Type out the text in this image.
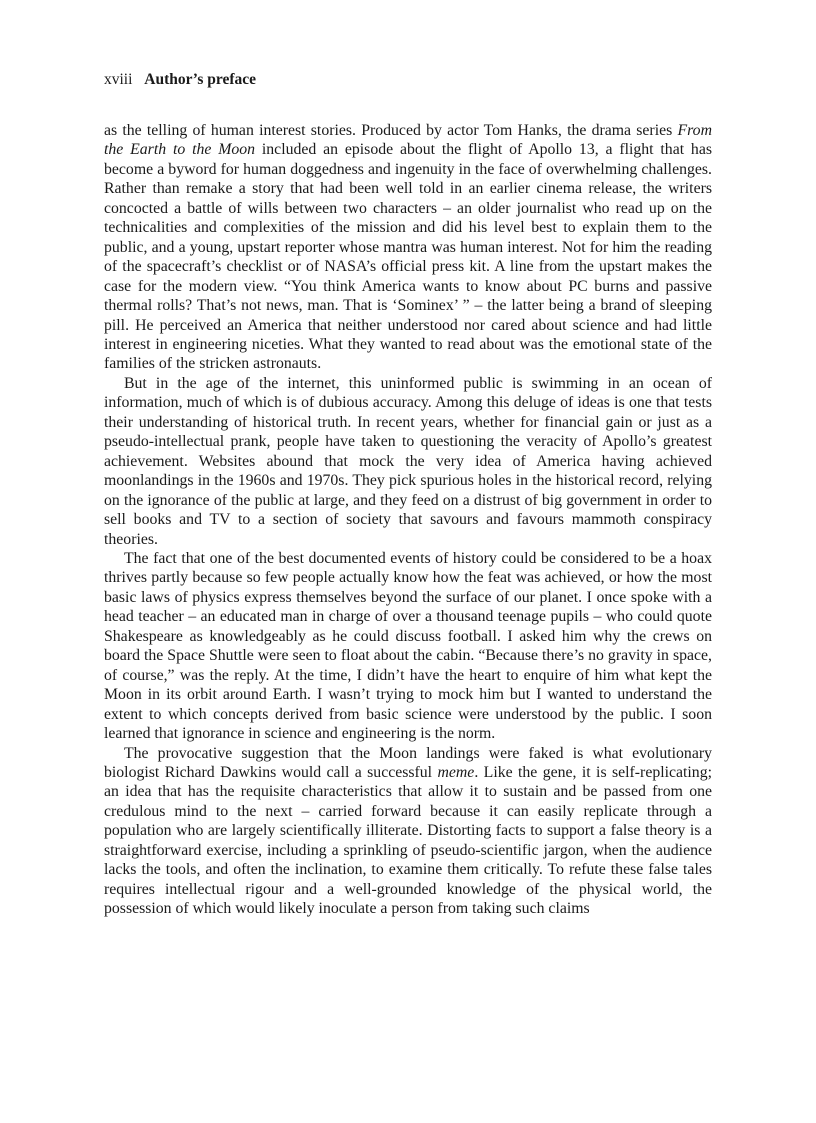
xviii Author’s preface

as the telling of human interest stories. Produced by actor Tom Hanks, the drama series From the Earth to the Moon included an episode about the flight of Apollo 13, a flight that has become a byword for human doggedness and ingenuity in the face of overwhelming challenges. Rather than remake a story that had been well told in an earlier cinema release, the writers concocted a battle of wills between two characters – an older journalist who read up on the technicalities and complexities of the mission and did his level best to explain them to the public, and a young, upstart reporter whose mantra was human interest. Not for him the reading of the spacecraft’s checklist or of NASA’s official press kit. A line from the upstart makes the case for the modern view. “You think America wants to know about PC burns and passive thermal rolls? That’s not news, man. That is ‘Sominex’ ” – the latter being a brand of sleeping pill. He perceived an America that neither understood nor cared about science and had little interest in engineering niceties. What they wanted to read about was the emotional state of the families of the stricken astronauts.

But in the age of the internet, this uninformed public is swimming in an ocean of information, much of which is of dubious accuracy. Among this deluge of ideas is one that tests their understanding of historical truth. In recent years, whether for financial gain or just as a pseudo-intellectual prank, people have taken to questioning the veracity of Apollo’s greatest achievement. Websites abound that mock the very idea of America having achieved moonlandings in the 1960s and 1970s. They pick spurious holes in the historical record, relying on the ignorance of the public at large, and they feed on a distrust of big government in order to sell books and TV to a section of society that savours and favours mammoth conspiracy theories.

The fact that one of the best documented events of history could be considered to be a hoax thrives partly because so few people actually know how the feat was achieved, or how the most basic laws of physics express themselves beyond the surface of our planet. I once spoke with a head teacher – an educated man in charge of over a thousand teenage pupils – who could quote Shakespeare as knowledgeably as he could discuss football. I asked him why the crews on board the Space Shuttle were seen to float about the cabin. “Because there’s no gravity in space, of course,” was the reply. At the time, I didn’t have the heart to enquire of him what kept the Moon in its orbit around Earth. I wasn’t trying to mock him but I wanted to understand the extent to which concepts derived from basic science were understood by the public. I soon learned that ignorance in science and engineering is the norm.

The provocative suggestion that the Moon landings were faked is what evolutionary biologist Richard Dawkins would call a successful meme. Like the gene, it is self-replicating; an idea that has the requisite characteristics that allow it to sustain and be passed from one credulous mind to the next – carried forward because it can easily replicate through a population who are largely scientifically illiterate. Distorting facts to support a false theory is a straightforward exercise, including a sprinkling of pseudo-scientific jargon, when the audience lacks the tools, and often the inclination, to examine them critically. To refute these false tales requires intellectual rigour and a well-grounded knowledge of the physical world, the possession of which would likely inoculate a person from taking such claims
